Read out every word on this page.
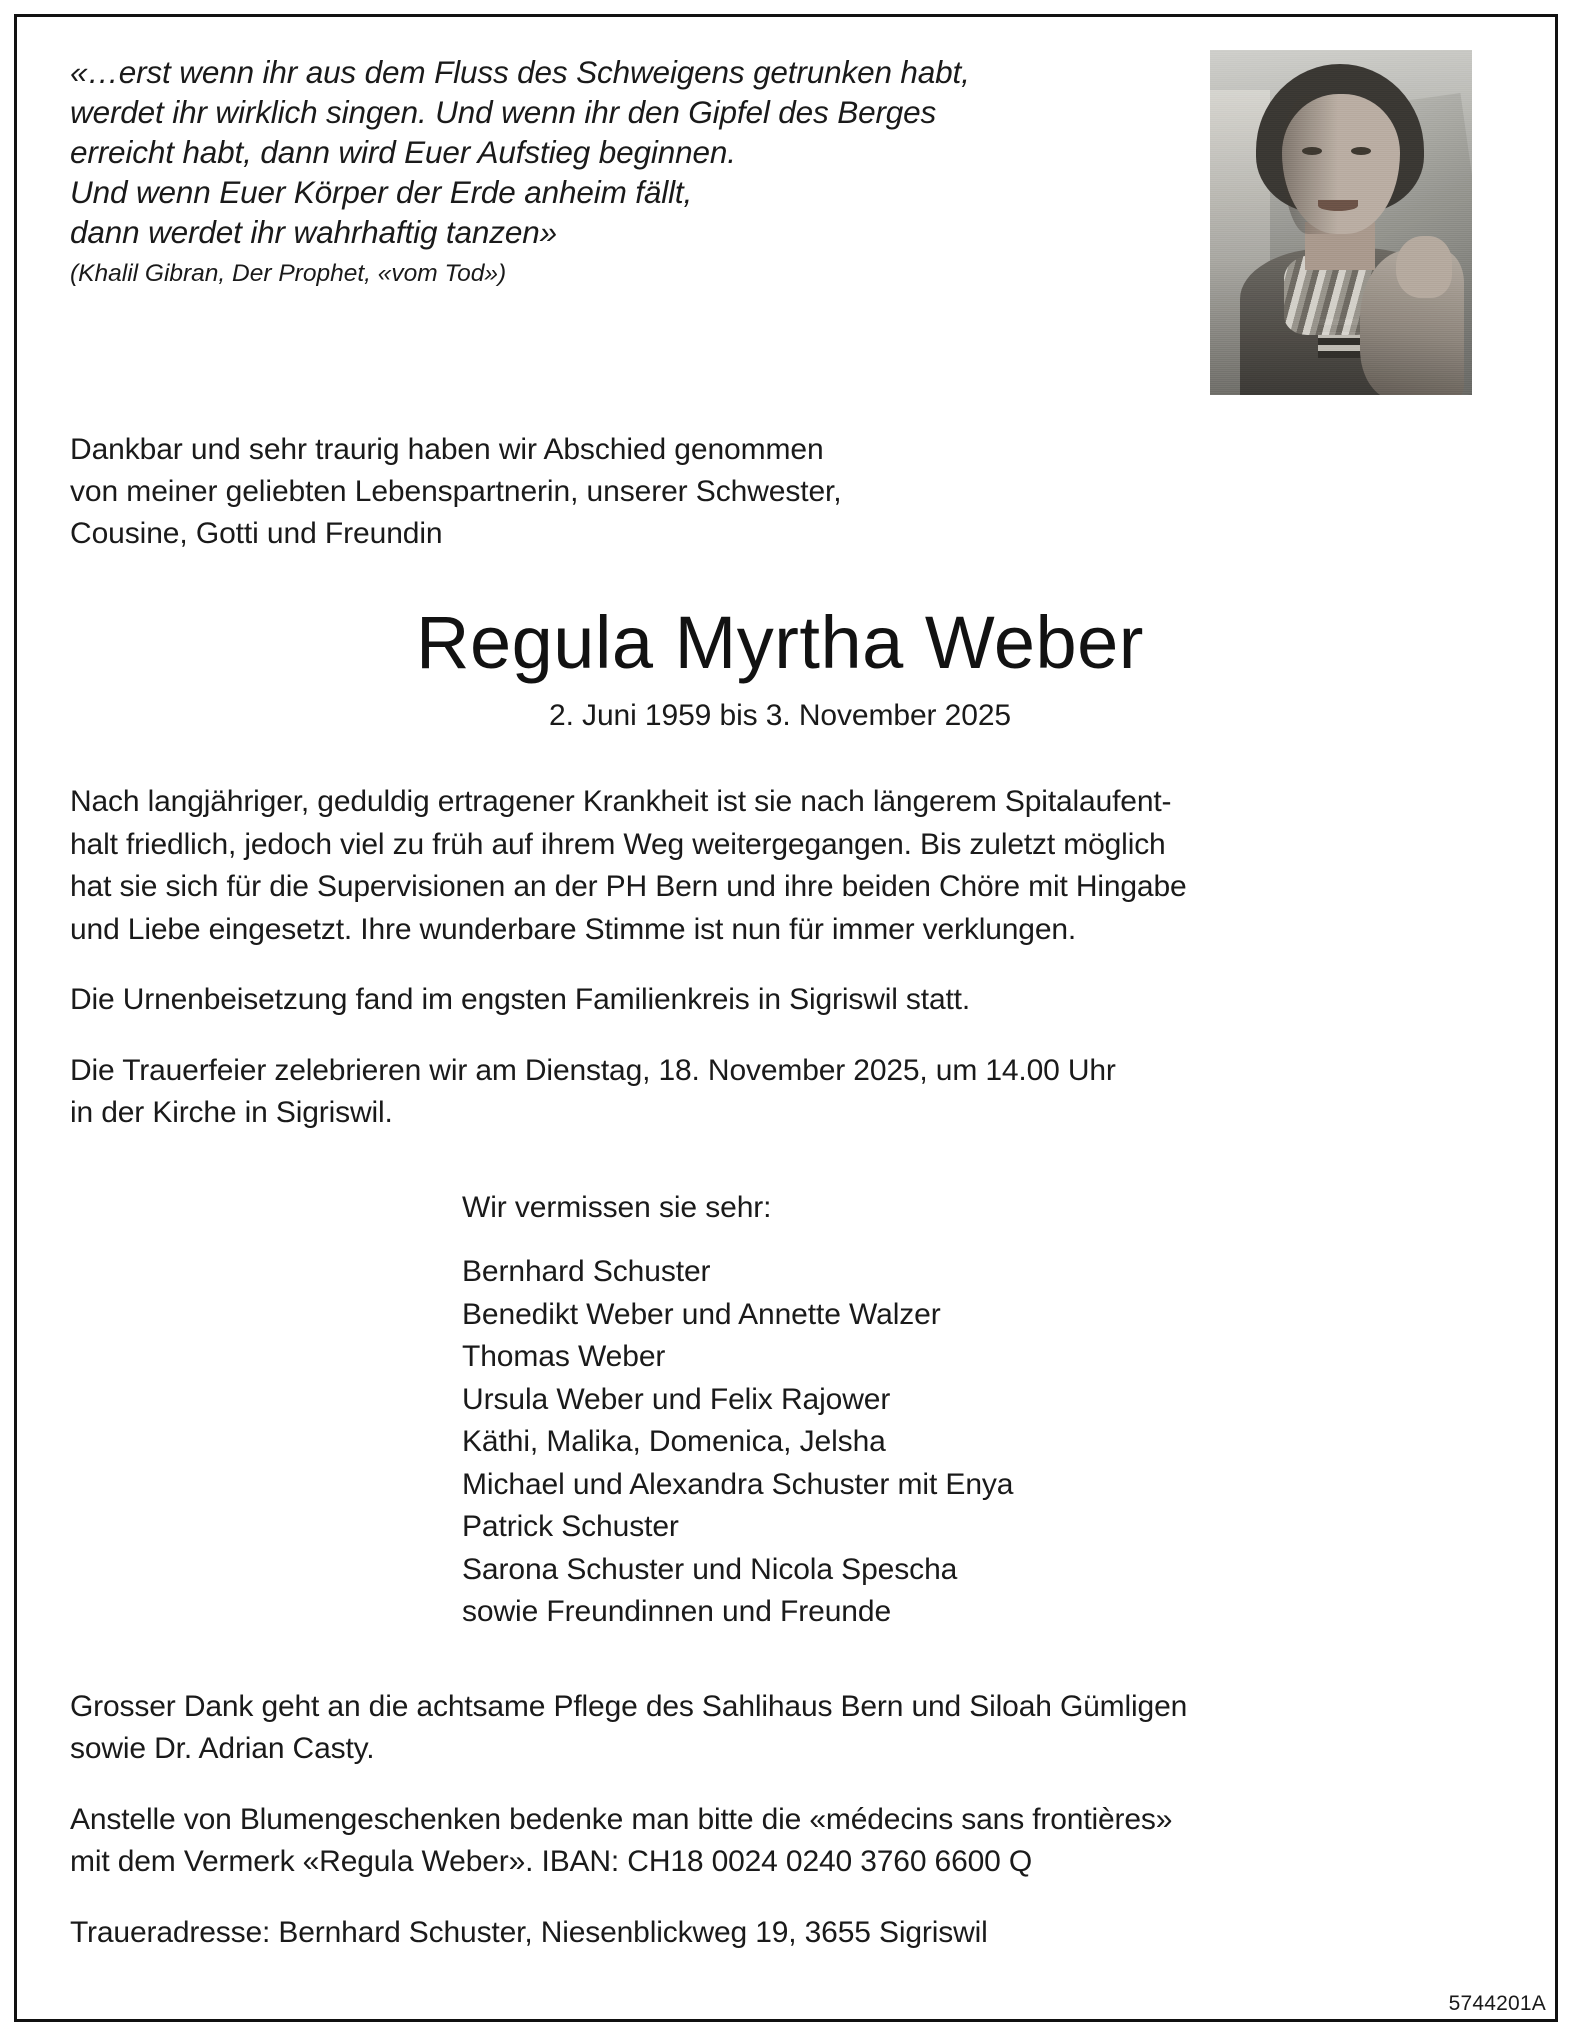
«…erst wenn ihr aus dem Fluss des Schweigens getrunken habt,
werdet ihr wirklich singen. Und wenn ihr den Gipfel des Berges
erreicht habt, dann wird Euer Aufstieg beginnen.
Und wenn Euer Körper der Erde anheim fällt,
dann werdet ihr wahrhaftig tanzen»
(Khalil Gibran, Der Prophet, «vom Tod»)
Dankbar und sehr traurig haben wir Abschied genommen
von meiner geliebten Lebenspartnerin, unserer Schwester,
Cousine, Gotti und Freundin
Regula Myrtha Weber
2. Juni 1959 bis 3. November 2025
Nach langjähriger, geduldig ertragener Krankheit ist sie nach längerem Spitalaufent-
halt friedlich, jedoch viel zu früh auf ihrem Weg weitergegangen. Bis zuletzt möglich
hat sie sich für die Supervisionen an der PH Bern und ihre beiden Chöre mit Hingabe
und Liebe eingesetzt. Ihre wunderbare Stimme ist nun für immer verklungen.
Die Urnenbeisetzung fand im engsten Familienkreis in Sigriswil statt.
Die Trauerfeier zelebrieren wir am Dienstag, 18. November 2025, um 14.00 Uhr
in der Kirche in Sigriswil.
Wir vermissen sie sehr:
Bernhard Schuster
Benedikt Weber und Annette Walzer
Thomas Weber
Ursula Weber und Felix Rajower
Käthi, Malika, Domenica, Jelsha
Michael und Alexandra Schuster mit Enya
Patrick Schuster
Sarona Schuster und Nicola Spescha
sowie Freundinnen und Freunde
Grosser Dank geht an die achtsame Pflege des Sahlihaus Bern und Siloah Gümligen
sowie Dr. Adrian Casty.
Anstelle von Blumengeschenken bedenke man bitte die «médecins sans frontières»
mit dem Vermerk «Regula Weber». IBAN: CH18 0024 0240 3760 6600 Q
Traueradresse: Bernhard Schuster, Niesenblickweg 19, 3655 Sigriswil
5744201A
